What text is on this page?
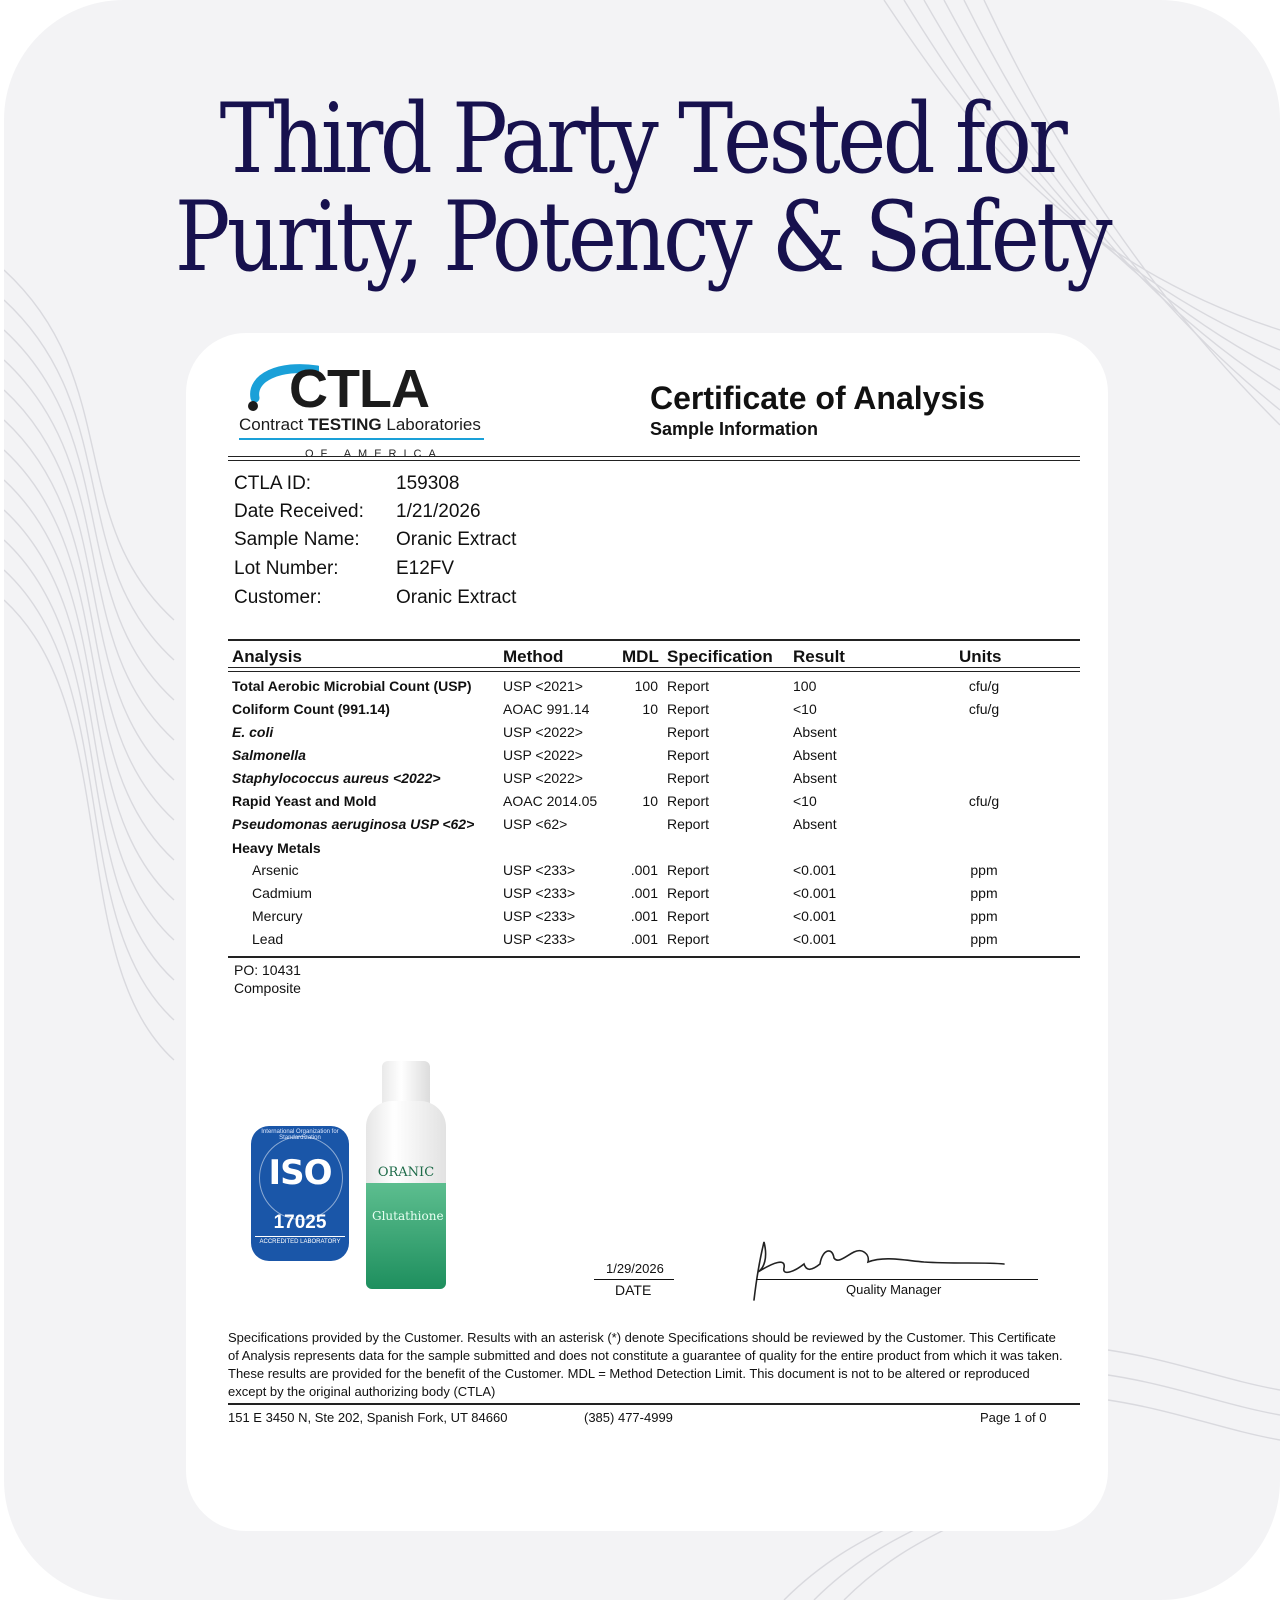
Third Party Tested for
Purity, Potency & Safety
CTLA
Contract TESTING Laboratories
OF AMERICA
Certificate of Analysis
Sample Information
CTLA ID:	159308
Date Received: 1/21/2026
Sample Name: Oranic Extract
Lot Number:	E12FV
Customer:	Oranic Extract
Analysis	Method	MDL Specification Result	Units
Total Aerobic Microbial Count (USP) USP <2021>	100 Report	100	cfu/g
Coliform Count (991.14)	AOAC 991.14	10 Report	<10	cfu/g
E. coli	USP <2022>	Report	Absent
Salmonella	USP <2022>	Report	Absent
Staphylococcus aureus <2022>	USP <2022>	Report	Absent
Rapid Yeast and Mold	AOAC 2014.05	10 Report	<10	cfu/g
Pseudomonas aeruginosa USP <62> USP <62>	Report	Absent
Heavy Metals
Arsenic	USP <233>	.001 Report	<0.001	ppm
Cadmium	USP <233>	.001 Report	<0.001	ppm
Mercury	USP <233>	.001 Report	<0.001	ppm
Lead	USP <233>	.001 Report	<0.001	ppm
PO: 10431
Composite
International Organization for Standardization
ISO
17025
ACCREDITED LABORATORY
ORANIC
Glutathione
1/29/2026
DATE	Quality Manager
Specifications provided by the Customer. Results with an asterisk (*) denote Specifications should be reviewed by the Customer. This Certificate of Analysis represents data for the sample submitted and does not constitute a guarantee of quality for the entire product from which it was taken. These results are provided for the benefit of the Customer. MDL = Method Detection Limit. This document is not to be altered or reproduced except by the original authorizing body (CTLA)
151 E 3450 N, Ste 202, Spanish Fork, UT 84660	(385) 477-4999	Page 1 of 0
